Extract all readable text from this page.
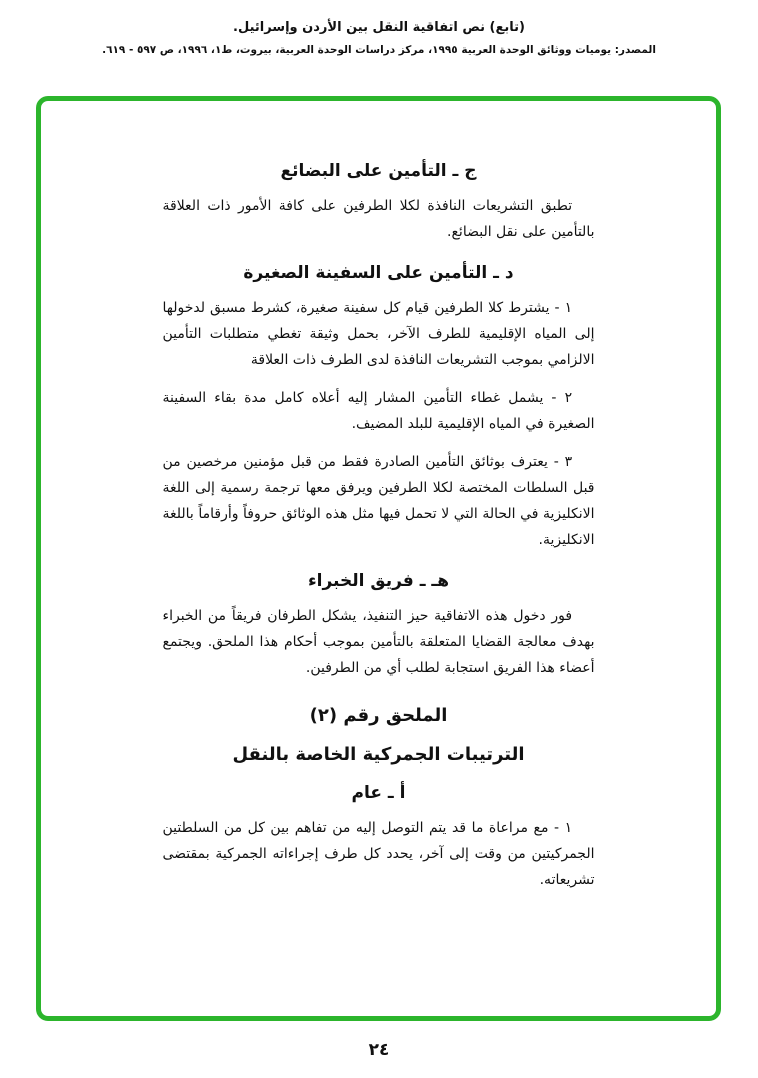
(تابع) نص اتفاقية النقل بين الأردن وإسرائيل.
المصدر: يوميات ووثائق الوحدة العربية ١٩٩٥، مركز دراسات الوحدة العربية، بيروت، ط١، ١٩٩٦، ص ٥٩٧ - ٦١٩.
ج ـ التأمين على البضائع

تطبق التشريعات النافذة لكلا الطرفين على كافة الأمور ذات العلاقة بالتأمين على نقل البضائع.

د ـ التأمين على السفينة الصغيرة

١ - يشترط كلا الطرفين قيام كل سفينة صغيرة، كشرط مسبق لدخولها إلى المياه الإقليمية للطرف الآخر، بحمل وثيقة تغطي متطلبات التأمين الالزامي بموجب التشريعات النافذة لدى الطرف ذات العلاقة

٢ - يشمل غطاء التأمين المشار إليه أعلاه كامل مدة بقاء السفينة الصغيرة في المياه الإقليمية للبلد المضيف.

٣ - يعترف بوثائق التأمين الصادرة فقط من قبل مؤمنين مرخصين من قبل السلطات المختصة لكلا الطرفين ويرفق معها ترجمة رسمية إلى اللغة الانكليزية في الحالة التي لا تحمل فيها مثل هذه الوثائق حروفاً وأرقاماً باللغة الانكليزية.

هـ ـ فريق الخبراء

فور دخول هذه الاتفاقية حيز التنفيذ، يشكل الطرفان فريقاً من الخبراء بهدف معالجة القضايا المتعلقة بالتأمين بموجب أحكام هذا الملحق. ويجتمع أعضاء هذا الفريق استجابة لطلب أي من الطرفين.

الملحق رقم (٢)
الترتيبات الجمركية الخاصة بالنقل
أ ـ عام

١ - مع مراعاة ما قد يتم التوصل إليه من تفاهم بين كل من السلطتين الجمركيتين من وقت إلى آخر، يحدد كل طرف إجراءاته الجمركية بمقتضى تشريعاته.

٢٤
